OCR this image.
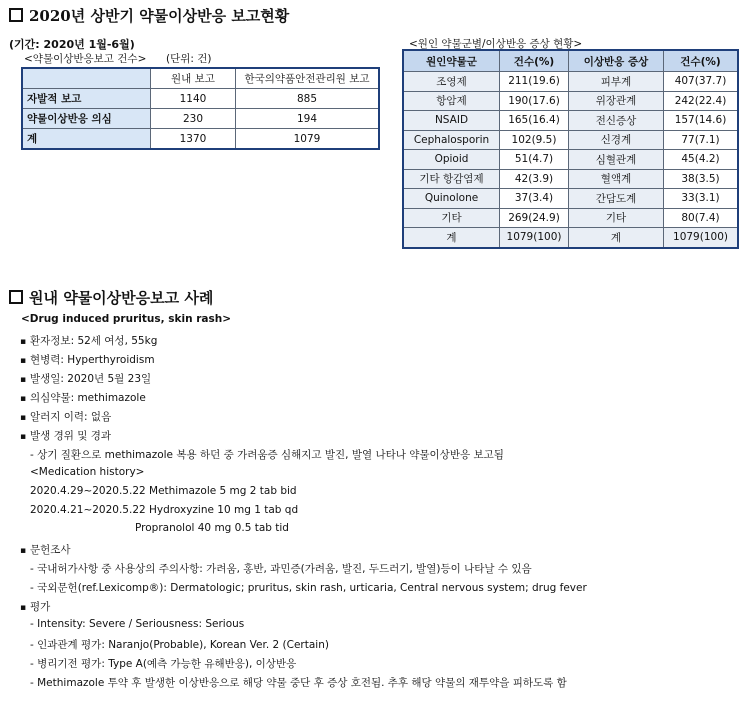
2020년 상반기 약물이상반응 보고현황
(기간: 2020년 1월-6월)
<약물이상반응보고 건수> (단위: 건)
	원내 보고	한국의약품안전관리원 보고
자발적 보고	1140	885
약물이상반응 의심	230	194
계	1370	1079
<원인 약물군별/이상반응 증상 현황>
원인약물군	건수(%)	이상반응 증상	건수(%)
조영제	211(19.6)	피부계	407(37.7)
항암제	190(17.6)	위장관계	242(22.4)
NSAID	165(16.4)	전신증상	157(14.6)
Cephalosporin	102(9.5)	신경계	77(7.1)
Opioid	51(4.7)	심혈관계	45(4.2)
기타 항감염제	42(3.9)	혈액계	38(3.5)
Quinolone	37(3.4)	간담도계	33(3.1)
기타	269(24.9)	기타	80(7.4)
계	1079(100)	계	1079(100)
원내 약물이상반응보고 사례
<Drug induced pruritus, skin rash>
▪ 환자정보: 52세 여성, 55kg
▪ 현병력: Hyperthyroidism
▪ 발생일: 2020년 5월 23일
▪ 의심약물: methimazole
▪ 알러지 이력: 없음
▪ 발생 경위 및 경과
- 상기 질환으로 methimazole 복용 하던 중 가려움증 심해지고 발진, 발열 나타나 약물이상반응 보고됨
<Medication history>
2020.4.29~2020.5.22 Methimazole 5 mg 2 tab bid
2020.4.21~2020.5.22 Hydroxyzine 10 mg 1 tab qd
Propranolol 40 mg 0.5 tab tid
▪ 문헌조사
- 국내허가사항 중 사용상의 주의사항: 가려움, 홍반, 과민증(가려움, 발진, 두드러기, 발열)등이 나타날 수 있음
- 국외문헌(ref.Lexicomp®): Dermatologic; pruritus, skin rash, urticaria, Central nervous system; drug fever
▪ 평가
- Intensity: Severe / Seriousness: Serious
- 인과관계 평가: Naranjo(Probable), Korean Ver. 2 (Certain)
- 병리기전 평가: Type A(예측 가능한 유해반응), 이상반응
- Methimazole 투약 후 발생한 이상반응으로 해당 약물 중단 후 증상 호전됨. 추후 해당 약물의 재투약을 피하도록 함
